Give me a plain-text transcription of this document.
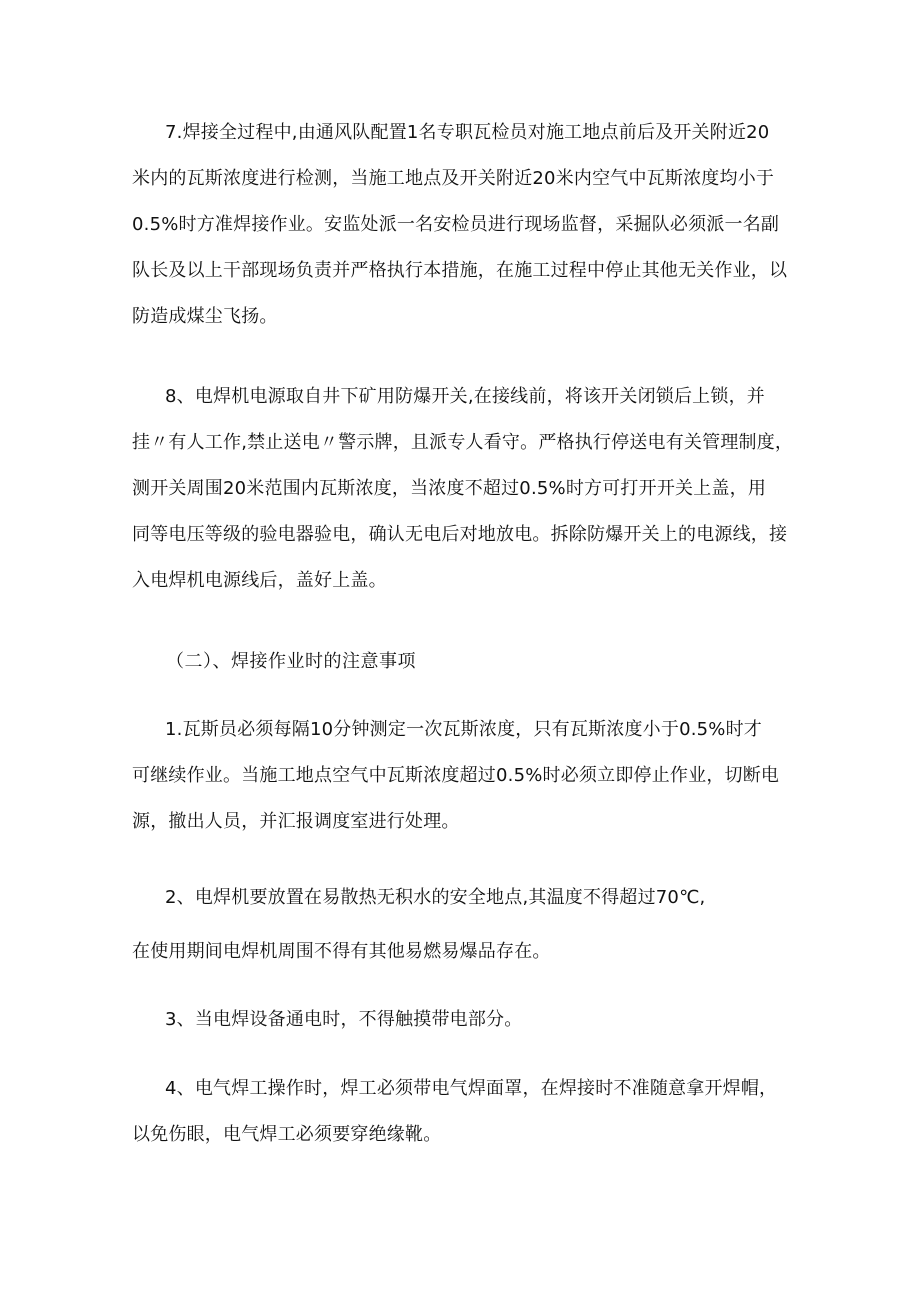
7.焊接全过程中,由通风队配置1名专职瓦检员对施工地点前后及开关附近20
米内的瓦斯浓度进行检测，当施工地点及开关附近20米内空气中瓦斯浓度均小于
0.5%时方准焊接作业。安监处派一名安检员进行现场监督，采掘队必须派一名副
队长及以上干部现场负责并严格执行本措施，在施工过程中停止其他无关作业，以
防造成煤尘飞扬。
8、电焊机电源取自井下矿用防爆开关,在接线前，将该开关闭锁后上锁，并
挂〃有人工作,禁止送电〃警示牌，且派专人看守。严格执行停送电有关管理制度，
测开关周围20米范围内瓦斯浓度，当浓度不超过0.5%时方可打开开关上盖，用
同等电压等级的验电器验电，确认无电后对地放电。拆除防爆开关上的电源线，接
入电焊机电源线后，盖好上盖。
（二）、焊接作业时的注意事项
1.瓦斯员必须每隔10分钟测定一次瓦斯浓度，只有瓦斯浓度小于0.5%时才
可继续作业。当施工地点空气中瓦斯浓度超过0.5%时必须立即停止作业，切断电
源，撤出人员，并汇报调度室进行处理。
2、电焊机要放置在易散热无积水的安全地点,其温度不得超过70℃,
在使用期间电焊机周围不得有其他易燃易爆品存在。
3、当电焊设备通电时，不得触摸带电部分。
4、电气焊工操作时，焊工必须带电气焊面罩，在焊接时不准随意拿开焊帽，
以免伤眼，电气焊工必须要穿绝缘靴。
